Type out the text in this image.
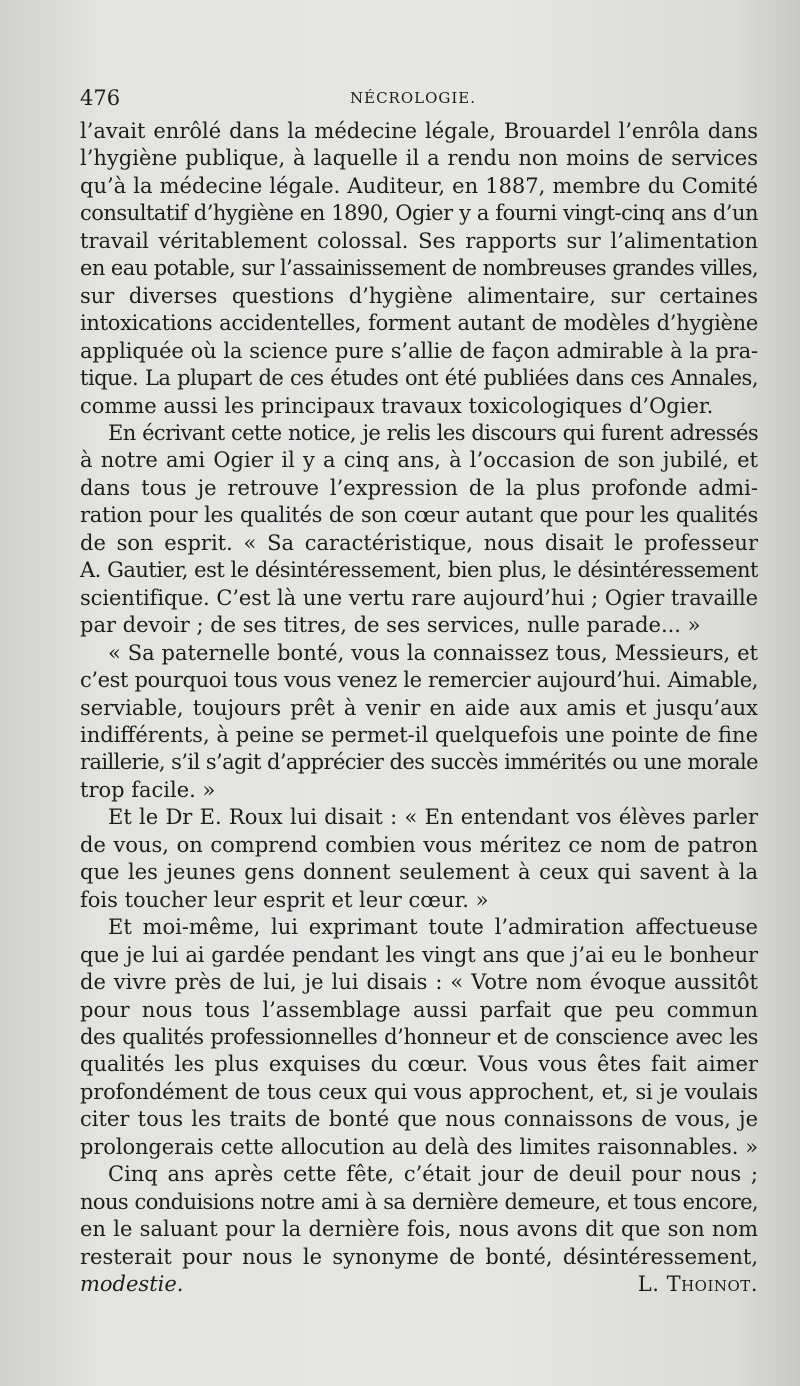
476	NÉCROLOGIE.
l’avait enrôlé dans la médecine légale, Brouardel l’enrôla dans
l’hygiène publique, à laquelle il a rendu non moins de services
qu’à la médecine légale. Auditeur, en 1887, membre du Comité
consultatif d’hygiène en 1890, Ogier y a fourni vingt-cinq ans d’un
travail véritablement colossal. Ses rapports sur l’alimentation
en eau potable, sur l’assainissement de nombreuses grandes villes,
sur diverses questions d’hygiène alimentaire, sur certaines
intoxications accidentelles, forment autant de modèles d’hygiène
appliquée où la science pure s’allie de façon admirable à la pra-
tique. La plupart de ces études ont été publiées dans ces Annales,
comme aussi les principaux travaux toxicologiques d’Ogier.
En écrivant cette notice, je relis les discours qui furent adressés
à notre ami Ogier il y a cinq ans, à l’occasion de son jubilé, et
dans tous je retrouve l’expression de la plus profonde admi-
ration pour les qualités de son cœur autant que pour les qualités
de son esprit. « Sa caractéristique, nous disait le professeur
A. Gautier, est le désintéressement, bien plus, le désintéressement
scientifique. C’est là une vertu rare aujourd’hui ; Ogier travaille
par devoir ; de ses titres, de ses services, nulle parade... »
« Sa paternelle bonté, vous la connaissez tous, Messieurs, et
c’est pourquoi tous vous venez le remercier aujourd’hui. Aimable,
serviable, toujours prêt à venir en aide aux amis et jusqu’aux
indifférents, à peine se permet-il quelquefois une pointe de fine
raillerie, s’il s’agit d’apprécier des succès immérités ou une morale
trop facile. »
Et le Dr E. Roux lui disait : « En entendant vos élèves parler
de vous, on comprend combien vous méritez ce nom de patron
que les jeunes gens donnent seulement à ceux qui savent à la
fois toucher leur esprit et leur cœur. »
Et moi-même, lui exprimant toute l’admiration affectueuse
que je lui ai gardée pendant les vingt ans que j’ai eu le bonheur
de vivre près de lui, je lui disais : « Votre nom évoque aussitôt
pour nous tous l’assemblage aussi parfait que peu commun
des qualités professionnelles d’honneur et de conscience avec les
qualités les plus exquises du cœur. Vous vous êtes fait aimer
profondément de tous ceux qui vous approchent, et, si je voulais
citer tous les traits de bonté que nous connaissons de vous, je
prolongerais cette allocution au delà des limites raisonnables. »
Cinq ans après cette fête, c’était jour de deuil pour nous ;
nous conduisions notre ami à sa dernière demeure, et tous encore,
en le saluant pour la dernière fois, nous avons dit que son nom
resterait pour nous le synonyme de bonté, désintéressement,
modestie.	L. Thoinot.
